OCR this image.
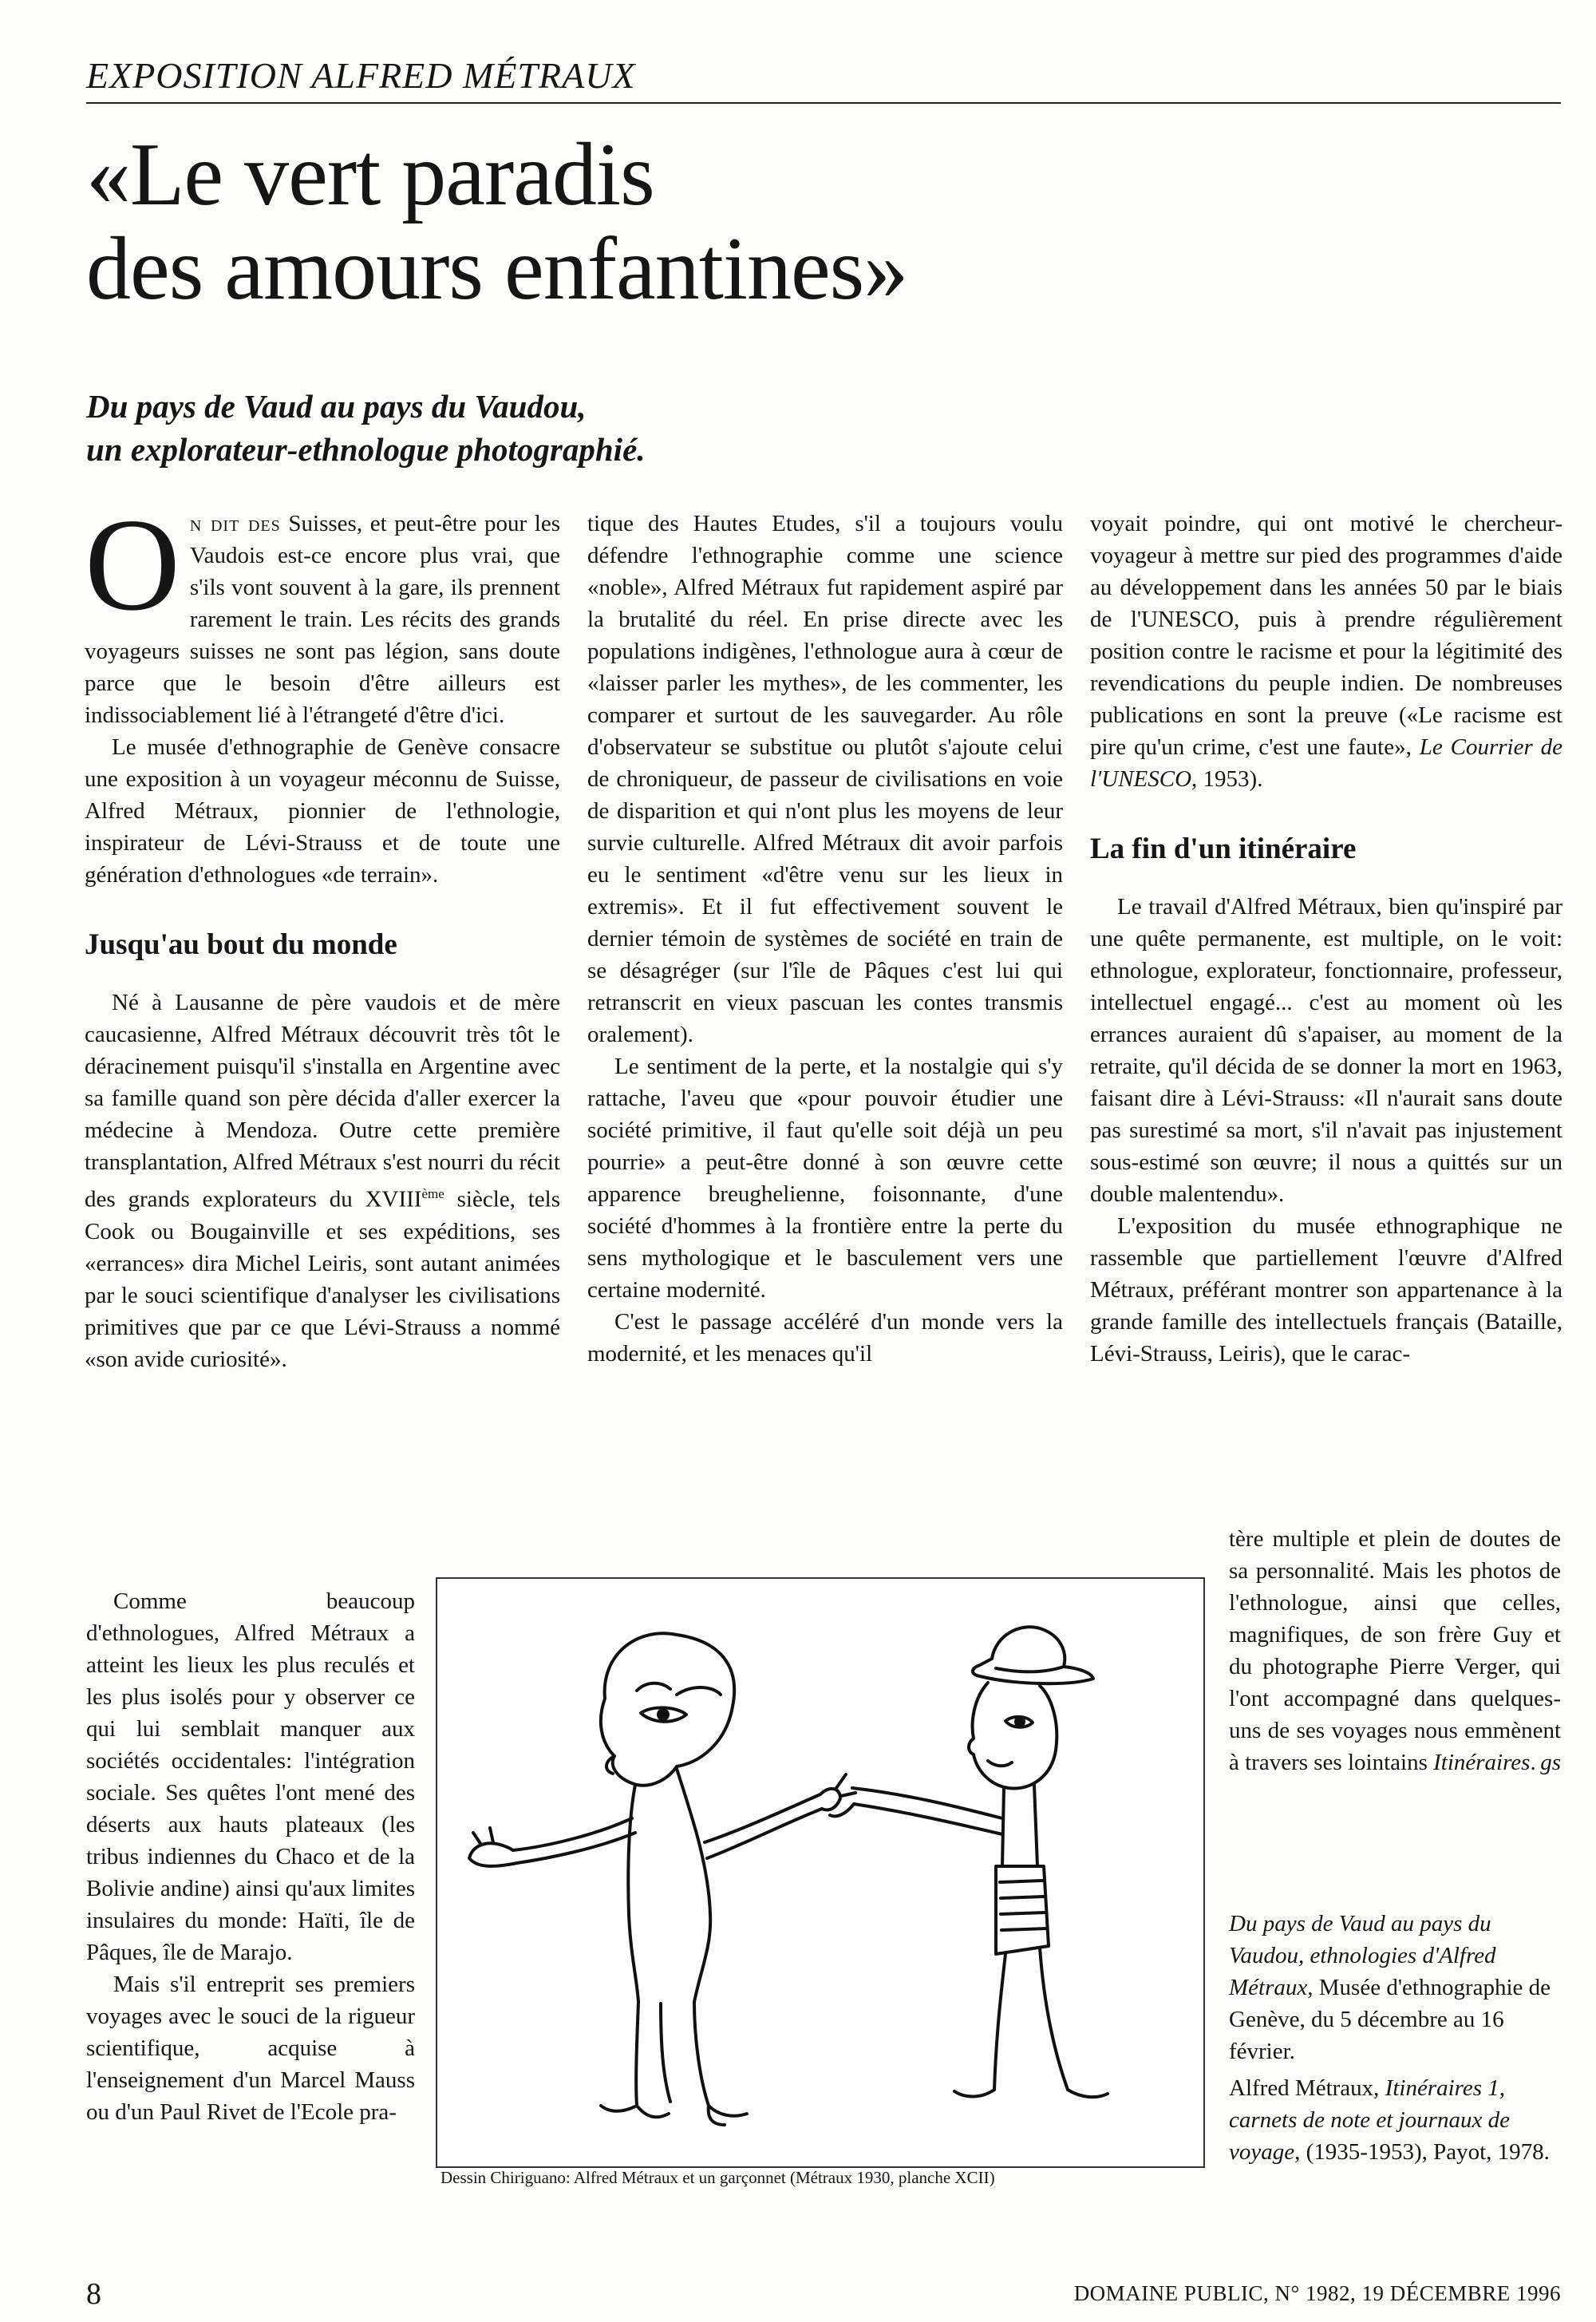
EXPOSITION ALFRED MÉTRAUX
«Le vert paradis
des amours enfantines»
Du pays de Vaud au pays du Vaudou,
un explorateur-ethnologue photographié.

On dit des Suisses, et peut-être pour les Vaudois est-ce encore plus vrai, que s'ils vont souvent à la gare, ils prennent rarement le train. Les récits des grands voyageurs suisses ne sont pas légion, sans doute parce que le besoin d'être ailleurs est indissociablement lié à l'étrangeté d'être d'ici.

Le musée d'ethnographie de Genève consacre une exposition à un voyageur méconnu de Suisse, Alfred Métraux, pionnier de l'ethnologie, inspirateur de Lévi-Strauss et de toute une génération d'ethnologues «de terrain».

Jusqu'au bout du monde

Né à Lausanne de père vaudois et de mère caucasienne, Alfred Métraux découvrit très tôt le déracinement puisqu'il s'installa en Argentine avec sa famille quand son père décida d'aller exercer la médecine à Mendoza. Outre cette première transplantation, Alfred Métraux s'est nourri du récit des grands explorateurs du XVIIIème siècle, tels Cook ou Bougainville et ses expéditions, ses «errances» dira Michel Leiris, sont autant animées par le souci scientifique d'analyser les civilisations primitives que par ce que Lévi-Strauss a nommé «son avide curiosité».

Comme beaucoup d'ethnologues, Alfred Métraux a atteint les lieux les plus reculés et les plus isolés pour y observer ce qui lui semblait manquer aux sociétés occidentales: l'intégration sociale. Ses quêtes l'ont mené des déserts aux hauts plateaux (les tribus indiennes du Chaco et de la Bolivie andine) ainsi qu'aux limites insulaires du monde: Haïti, île de Pâques, île de Marajo.

Mais s'il entreprit ses premiers voyages avec le souci de la rigueur scientifique, acquise à l'enseignement d'un Marcel Mauss ou d'un Paul Rivet de l'Ecole pra-

tique des Hautes Etudes, s'il a toujours voulu défendre l'ethnographie comme une science «noble», Alfred Métraux fut rapidement aspiré par la brutalité du réel. En prise directe avec les populations indigènes, l'ethnologue aura à cœur de «laisser parler les mythes», de les commenter, les comparer et surtout de les sauvegarder. Au rôle d'observateur se substitue ou plutôt s'ajoute celui de chroniqueur, de passeur de civilisations en voie de disparition et qui n'ont plus les moyens de leur survie culturelle. Alfred Métraux dit avoir parfois eu le sentiment «d'être venu sur les lieux in extremis». Et il fut effectivement souvent le dernier témoin de systèmes de société en train de se désagréger (sur l'île de Pâques c'est lui qui retranscrit en vieux pascuan les contes transmis oralement).

Le sentiment de la perte, et la nostalgie qui s'y rattache, l'aveu que «pour pouvoir étudier une société primitive, il faut qu'elle soit déjà un peu pourrie» a peut-être donné à son œuvre cette apparence breughelienne, foisonnante, d'une société d'hommes à la frontière entre la perte du sens mythologique et le basculement vers une certaine modernité.

C'est le passage accéléré d'un monde vers la modernité, et les menaces qu'il

voyait poindre, qui ont motivé le chercheur-voyageur à mettre sur pied des programmes d'aide au développement dans les années 50 par le biais de l'UNESCO, puis à prendre régulièrement position contre le racisme et pour la légitimité des revendications du peuple indien. De nombreuses publications en sont la preuve («Le racisme est pire qu'un crime, c'est une faute», Le Courrier de l'UNESCO, 1953).

La fin d'un itinéraire

Le travail d'Alfred Métraux, bien qu'inspiré par une quête permanente, est multiple, on le voit: ethnologue, explorateur, fonctionnaire, professeur, intellectuel engagé... c'est au moment où les errances auraient dû s'apaiser, au moment de la retraite, qu'il décida de se donner la mort en 1963, faisant dire à Lévi-Strauss: «Il n'aurait sans doute pas surestimé sa mort, s'il n'avait pas injustement sous-estimé son œuvre; il nous a quittés sur un double malentendu».

L'exposition du musée ethnographique ne rassemble que partiellement l'œuvre d'Alfred Métraux, préférant montrer son appartenance à la grande famille des intellectuels français (Bataille, Lévi-Strauss, Leiris), que le carac-

tère multiple et plein de doutes de sa personnalité. Mais les photos de l'ethnologue, ainsi que celles, magnifiques, de son frère Guy et du photographe Pierre Verger, qui l'ont accompagné dans quelques-uns de ses voyages nous emmènent à travers ses lointains Itinéraires. gs

Dessin Chiriguano: Alfred Métraux et un garçonnet (Métraux 1930, planche XCII)

Du pays de Vaud au pays du Vaudou, ethnologies d'Alfred Métraux, Musée d'ethnographie de Genève, du 5 décembre au 16 février.

Alfred Métraux, Itinéraires 1, carnets de note et journaux de voyage, (1935-1953), Payot, 1978.

8	DOMAINE PUBLIC, N° 1982, 19 DÉCEMBRE 1996
